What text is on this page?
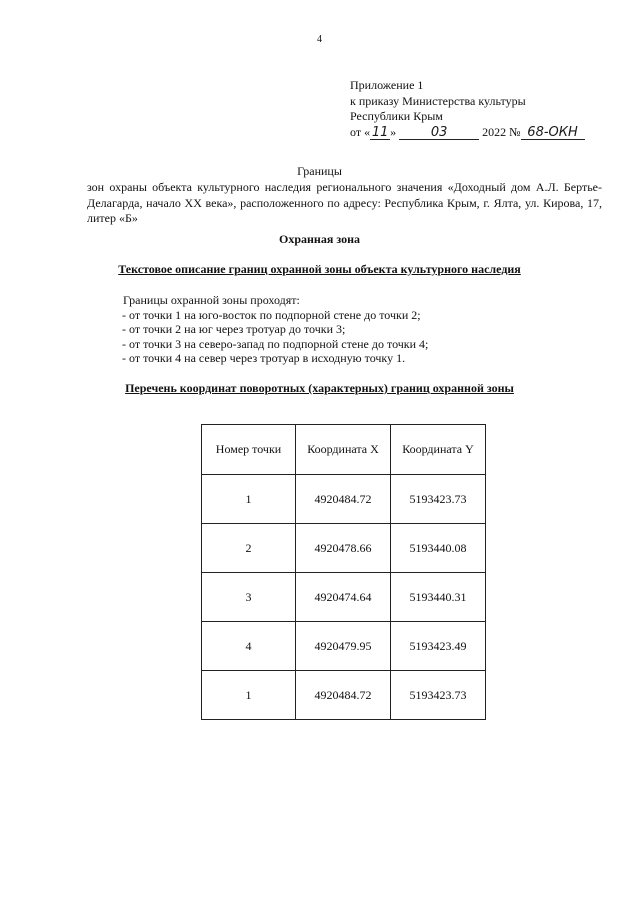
4
Приложение 1
к приказу Министерства культуры
Республики Крым
от « 11 »	03	2022 № 68-ОКН
Границы
зон охраны объекта культурного наследия регионального значения «Доходный дом А.Л. Бертье-Делагарда, начало XX века», расположенного по адресу: Республика Крым, г. Ялта, ул. Кирова, 17, литер «Б»
Охранная зона
Текстовое описание границ охранной зоны объекта культурного наследия
Границы охранной зоны проходят:
- от точки 1 на юго-восток по подпорной стене до точки 2;
- от точки 2 на юг через тротуар до точки 3;
- от точки 3 на северо-запад по подпорной стене до точки 4;
- от точки 4 на север через тротуар в исходную точку 1.
Перечень координат поворотных (характерных) границ охранной зоны
Номер точки	Координата X	Координата Y
1	4920484.72	5193423.73
2	4920478.66	5193440.08
3	4920474.64	5193440.31
4	4920479.95	5193423.49
1	4920484.72	5193423.73
